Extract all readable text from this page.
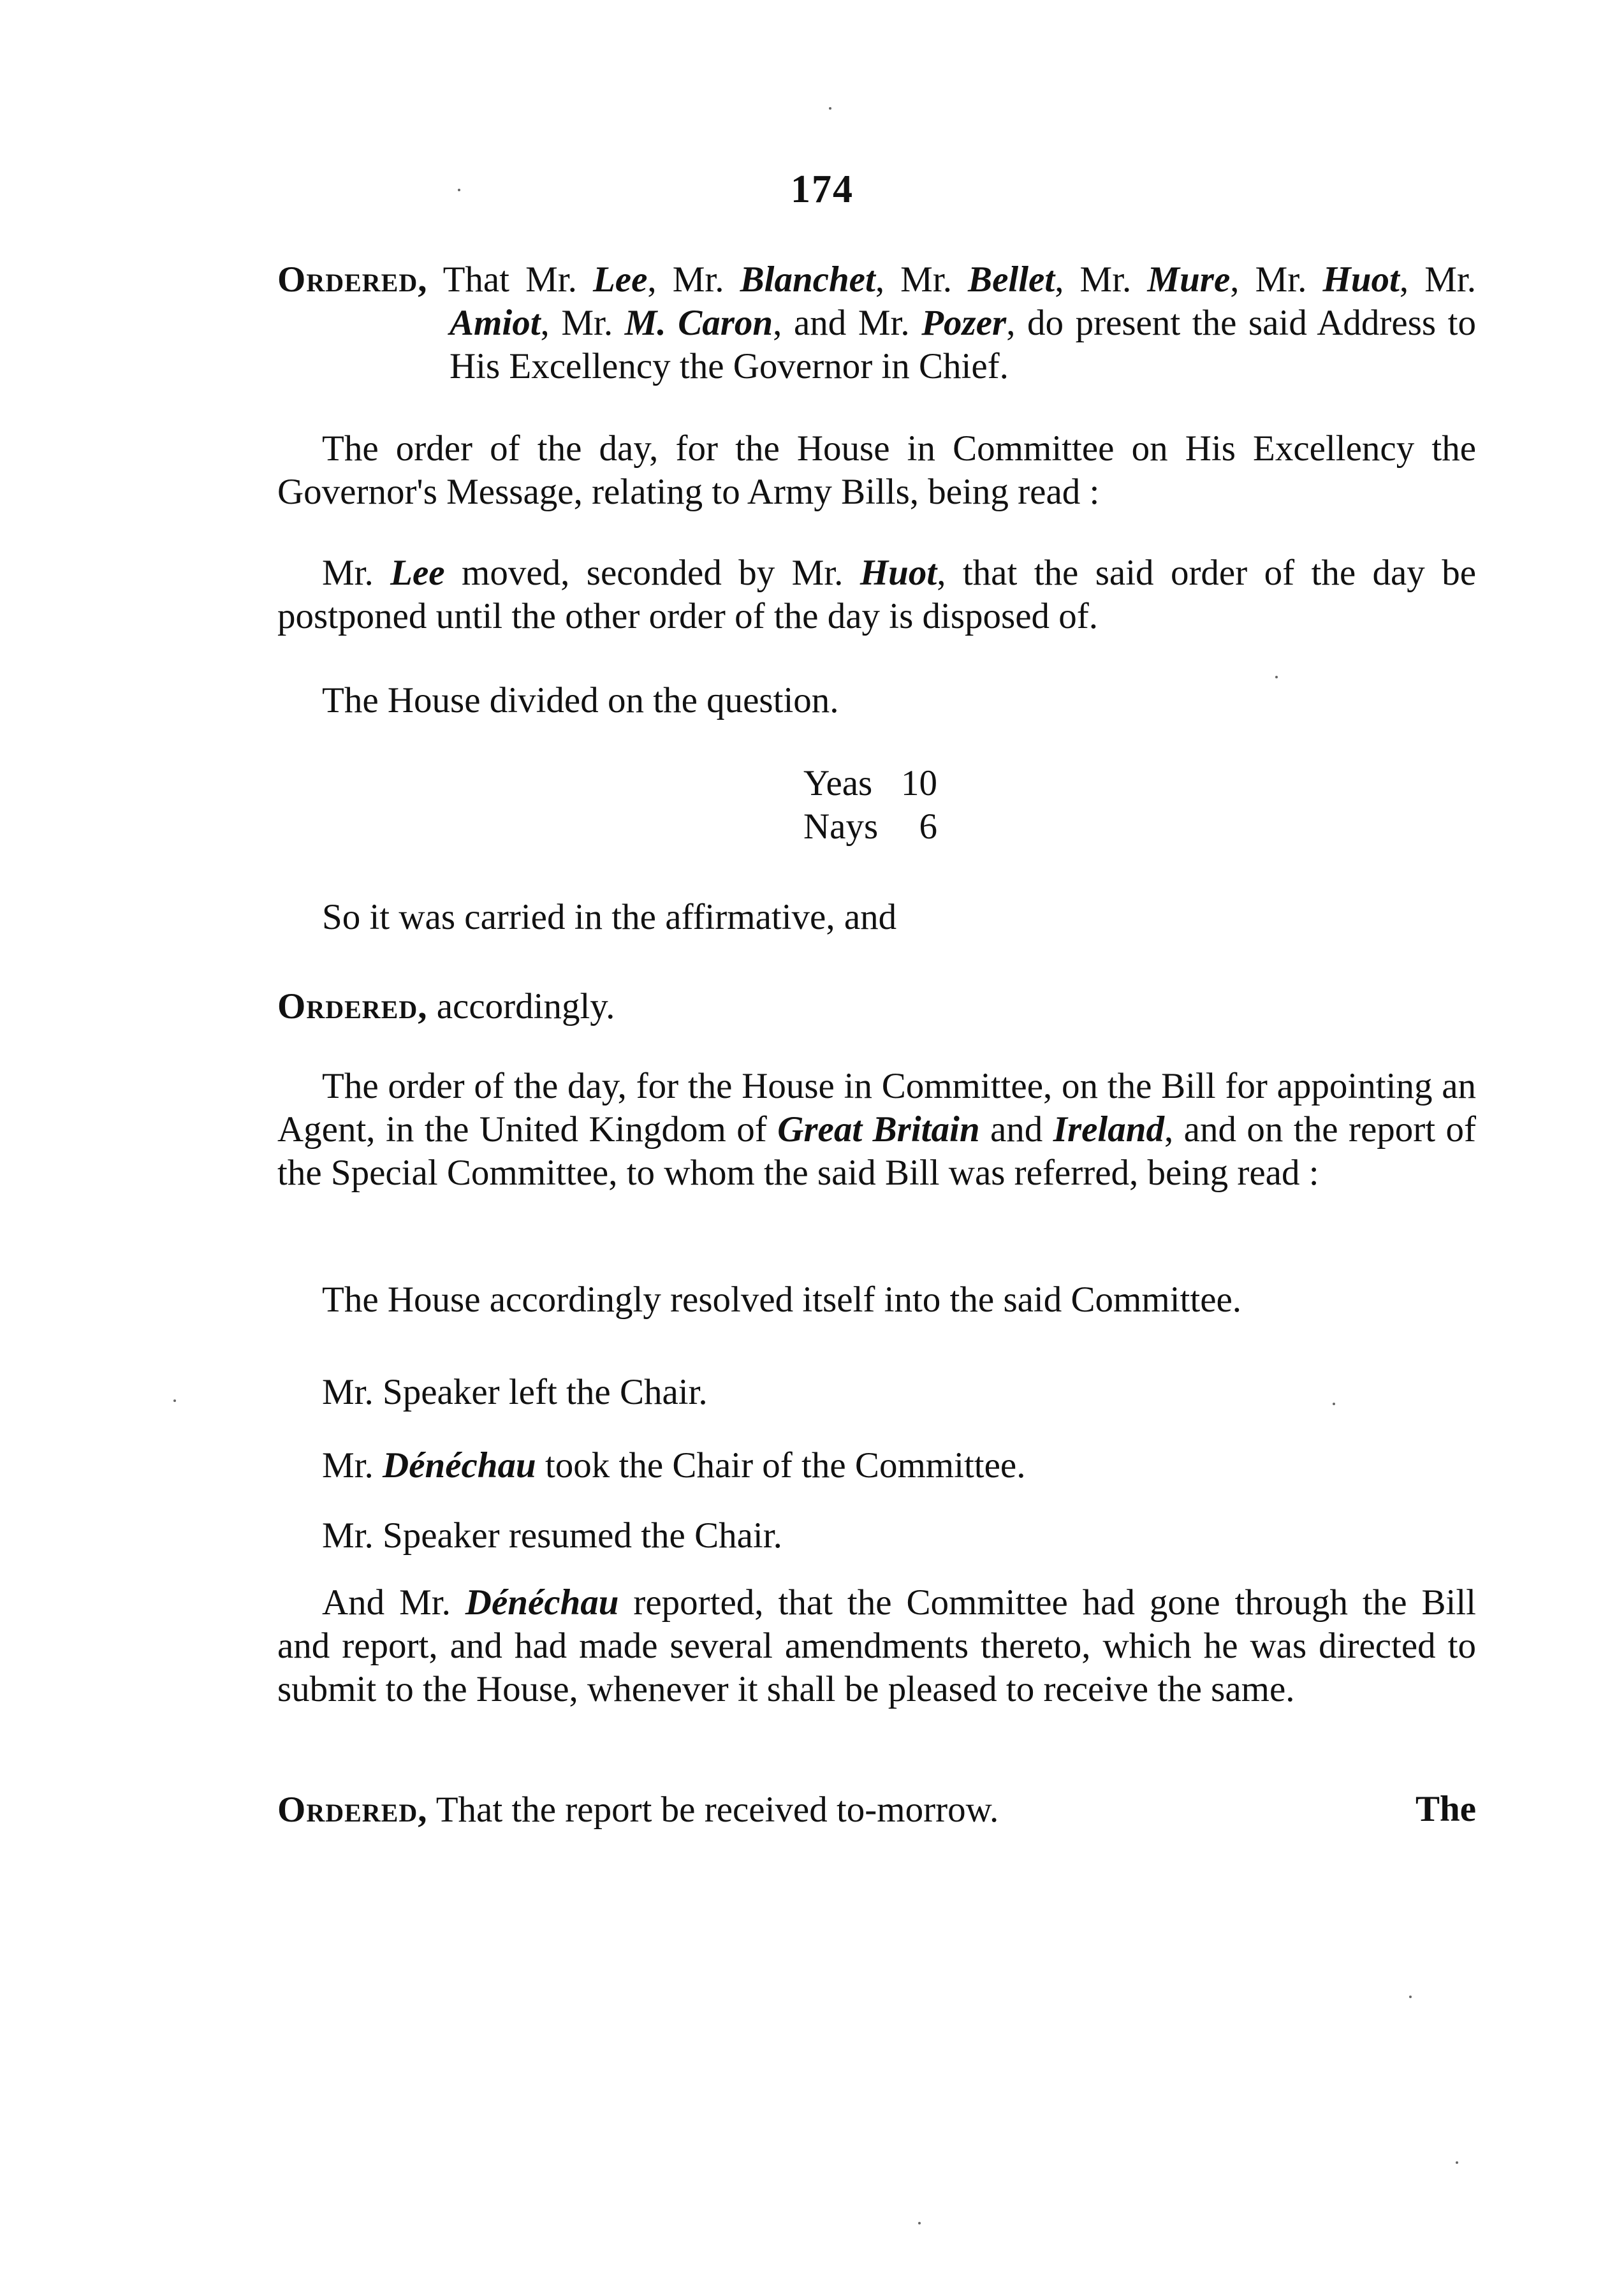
174

Ordered, That Mr. Lee, Mr. Blanchet, Mr. Bellet, Mr. Mure, Mr. Huot, Mr. Amiot, Mr. M. Caron, and Mr. Pozer, do present the said Address to His Excellency the Governor in Chief.

The order of the day, for the House in Committee on His Excellency the Governor's Message, relating to Army Bills, being read :

Mr. Lee moved, seconded by Mr. Huot, that the said order of the day be postponed until the other order of the day is disposed of.

The House divided on the question.

Yeas 10
Nays 6

So it was carried in the affirmative, and

Ordered, accordingly.

The order of the day, for the House in Committee, on the Bill for appointing an Agent, in the United Kingdom of Great Britain and Ireland, and on the report of the Special Committee, to whom the said Bill was referred, being read :

The House accordingly resolved itself into the said Committee.

Mr. Speaker left the Chair.

Mr. Dénéchau took the Chair of the Committee.

Mr. Speaker resumed the Chair.

And Mr. Dénéchau reported, that the Committee had gone through the Bill and report, and had made several amendments thereto, which he was directed to submit to the House, whenever it shall be pleased to receive the same.

Ordered, That the report be received to-morrow.	The
